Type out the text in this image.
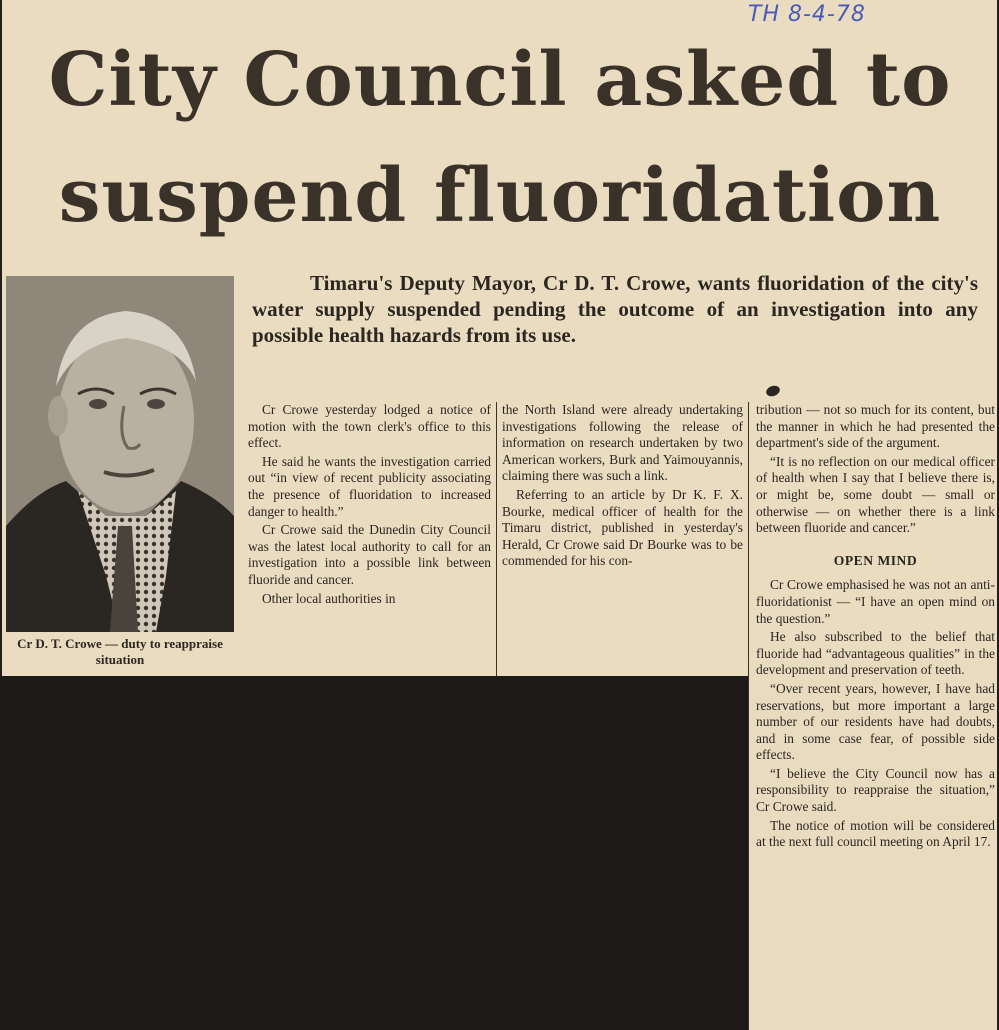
TH 8-4-78
City Council asked to suspend fluoridation

Cr D. T. Crowe — duty to reappraise situation

Timaru's Deputy Mayor, Cr D. T. Crowe, wants fluoridation of the city's water supply suspended pending the outcome of an investigation into any possible health hazards from its use.

Cr Crowe yesterday lodged a notice of motion with the town clerk's office to this effect.

He said he wants the investigation carried out “in view of recent publicity associating the presence of fluoridation to increased danger to health.”

Cr Crowe said the Dunedin City Council was the latest local authority to call for an investigation into a possible link between fluoride and cancer.

Other local authorities in

the North Island were already undertaking investigations following the release of information on research undertaken by two American workers, Burk and Yaimouyannis, claiming there was such a link.

Referring to an article by Dr K. F. X. Bourke, medical officer of health for the Timaru district, published in yesterday's Herald, Cr Crowe said Dr Bourke was to be commended for his con-

tribution — not so much for its content, but the manner in which he had presented the department's side of the argument.

“It is no reflection on our medical officer of health when I say that I believe there is, or might be, some doubt — small or otherwise — on whether there is a link between fluoride and cancer.”

OPEN MIND

Cr Crowe emphasised he was not an anti-fluoridationist — “I have an open mind on the question.”

He also subscribed to the belief that fluoride had “advantageous qualities” in the development and preservation of teeth.

“Over recent years, however, I have had reservations, but more important a large number of our residents have had doubts, and in some case fear, of possible side effects.

“I believe the City Council now has a responsibility to reappraise the situation,” Cr Crowe said.

The notice of motion will be considered at the next full council meeting on April 17.
